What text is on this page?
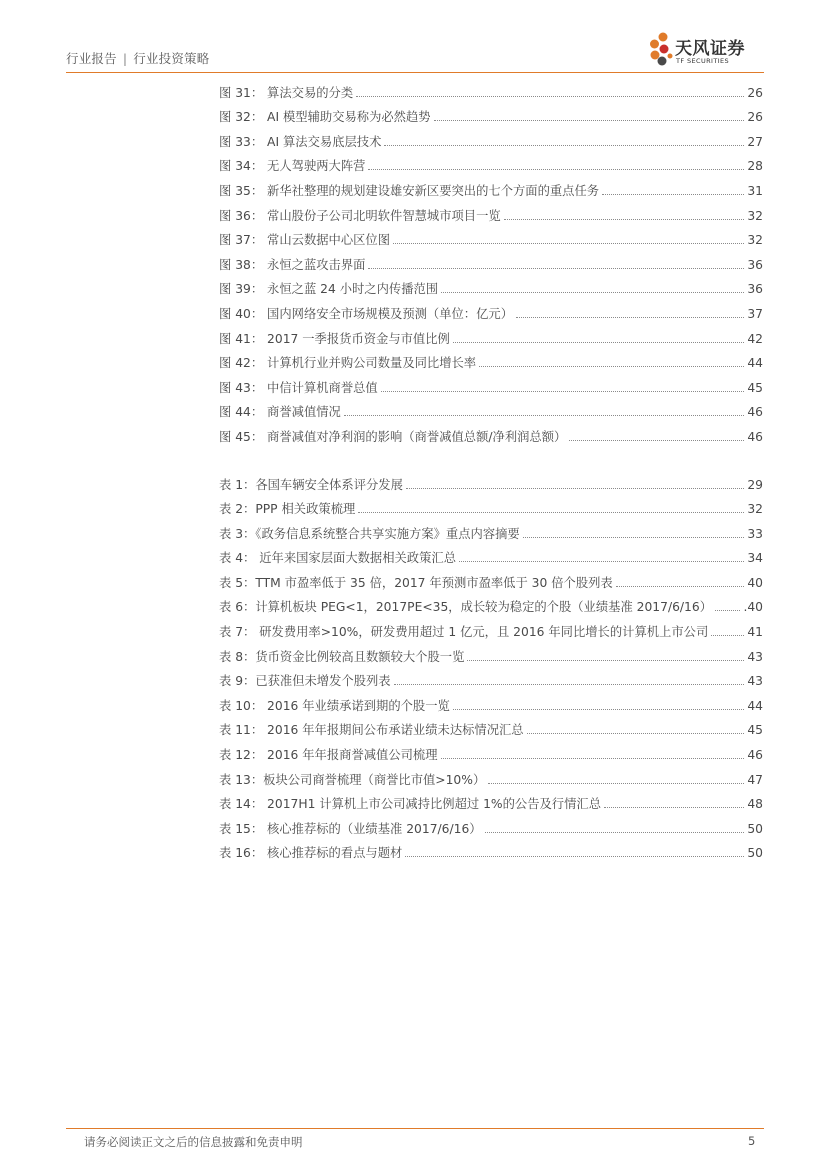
行业报告 | 行业投资策略	天风证券
TF SECURITIES
图 31： 算法交易的分类	26
图 32： AI 模型辅助交易称为必然趋势	26
图 33： AI 算法交易底层技术	27
图 34： 无人驾驶两大阵营	28
图 35： 新华社整理的规划建设雄安新区要突出的七个方面的重点任务	31
图 36： 常山股份子公司北明软件智慧城市项目一览	32
图 37： 常山云数据中心区位图	32
图 38： 永恒之蓝攻击界面	36
图 39： 永恒之蓝 24 小时之内传播范围	36
图 40： 国内网络安全市场规模及预测（单位：亿元）	37
图 41： 2017 一季报货币资金与市值比例	42
图 42： 计算机行业并购公司数量及同比增长率	44
图 43： 中信计算机商誉总值	45
图 44： 商誉减值情况	46
图 45： 商誉减值对净利润的影响（商誉减值总额/净利润总额）	46
表 1：各国车辆安全体系评分发展	29
表 2：PPP 相关政策梳理	32
表 3：《政务信息系统整合共享实施方案》重点内容摘要	33
表 4： 近年来国家层面大数据相关政策汇总	34
表 5：TTM 市盈率低于 35 倍，2017 年预测市盈率低于 30 倍个股列表	40
表 6：计算机板块 PEG<1，2017PE<35，成长较为稳定的个股（业绩基准 2017/6/16）	.40
表 7： 研发费用率>10%，研发费用超过 1 亿元，且 2016 年同比增长的计算机上市公司	41
表 8：货币资金比例较高且数额较大个股一览	43
表 9：已获准但未增发个股列表	43
表 10： 2016 年业绩承诺到期的个股一览	44
表 11： 2016 年年报期间公布承诺业绩未达标情况汇总	45
表 12： 2016 年年报商誉减值公司梳理	46
表 13：板块公司商誉梳理（商誉比市值>10%）	47
表 14： 2017H1 计算机上市公司减持比例超过 1%的公告及行情汇总	48
表 15： 核心推荐标的（业绩基准 2017/6/16）	50
表 16： 核心推荐标的看点与题材	50
请务必阅读正文之后的信息披露和免责申明	5
